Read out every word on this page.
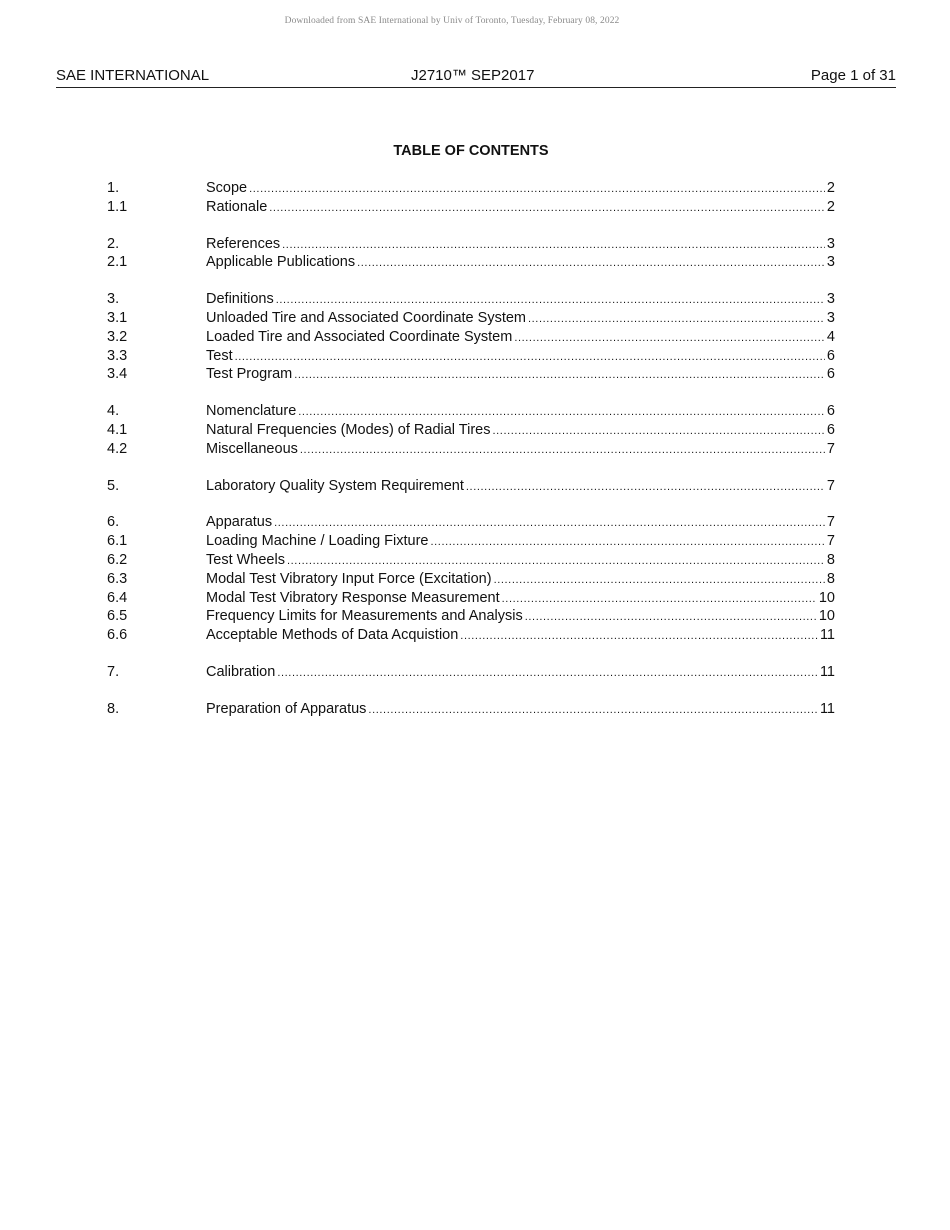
Downloaded from SAE International by Univ of Toronto, Tuesday, February 08, 2022
SAE INTERNATIONAL	J2710™ SEP2017	Page 1 of 31
TABLE OF CONTENTS
1.	Scope .....	2
1.1	Rationale .....	2
2.	References .....	3
2.1	Applicable Publications .....	3
3.	Definitions .....	3
3.1	Unloaded Tire and Associated Coordinate System .....	3
3.2	Loaded Tire and Associated Coordinate System .....	4
3.3	Test .....	6
3.4	Test Program .....	6
4.	Nomenclature .....	6
4.1	Natural Frequencies (Modes) of Radial Tires .....	6
4.2	Miscellaneous .....	7
5.	Laboratory Quality System Requirement .....	7
6.	Apparatus .....	7
6.1	Loading Machine / Loading Fixture .....	7
6.2	Test Wheels .....	8
6.3	Modal Test Vibratory Input Force (Excitation) .....	8
6.4	Modal Test Vibratory Response Measurement .....	10
6.5	Frequency Limits for Measurements and Analysis .....	10
6.6	Acceptable Methods of Data Acquistion .....	11
7.	Calibration .....	11
8.	Preparation of Apparatus .....	11
